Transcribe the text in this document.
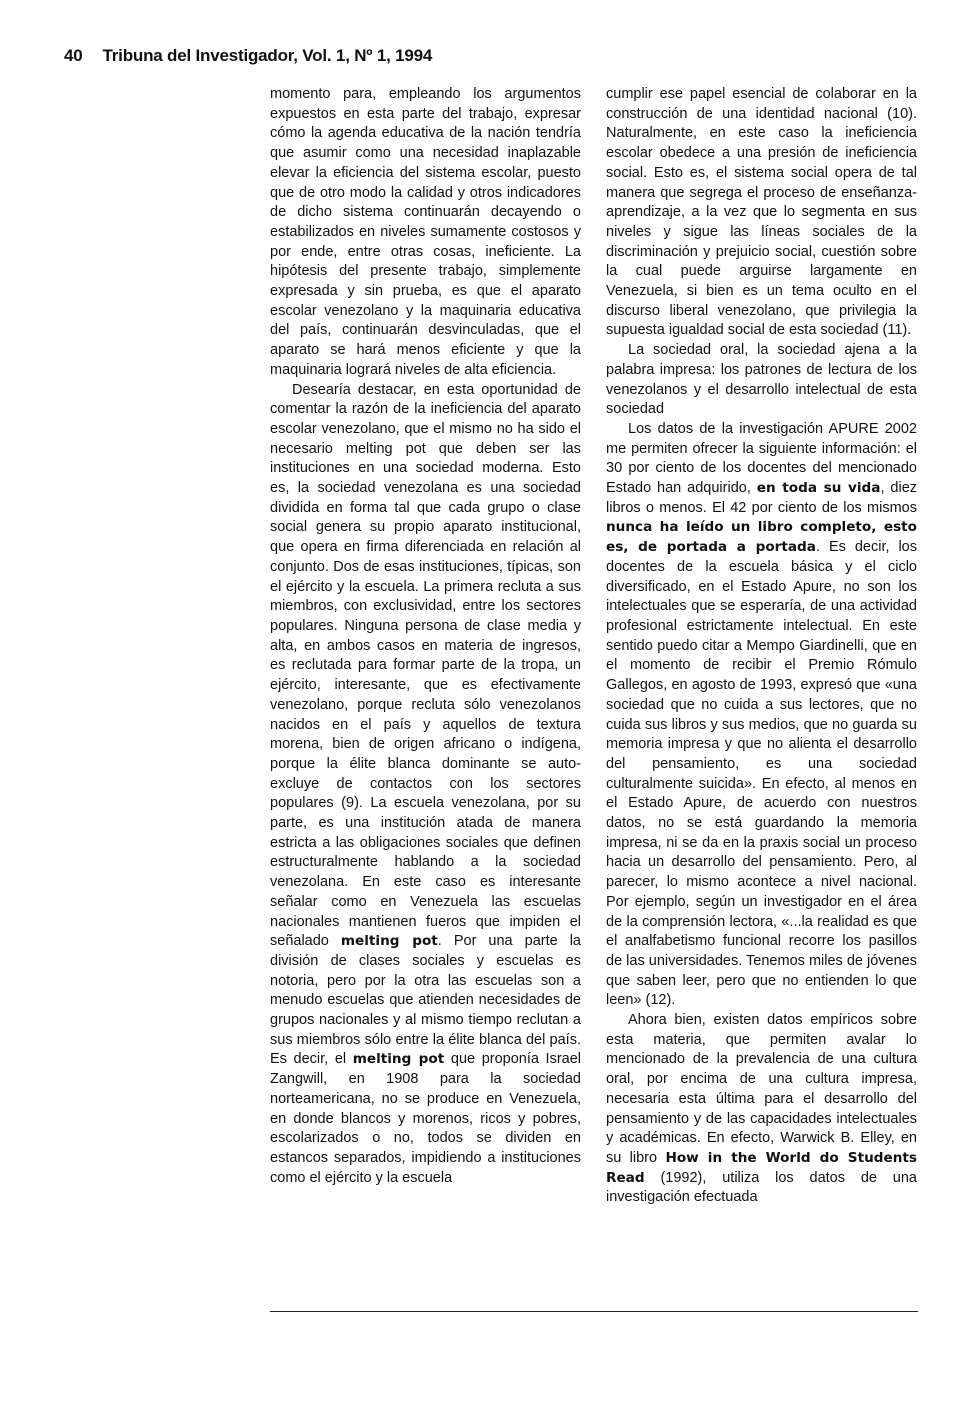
40 Tribuna del Investigador, Vol. 1, Nº 1, 1994

momento para, empleando los argumentos expuestos en esta parte del trabajo, expresar cómo la agenda educativa de la nación tendría que asumir como una necesidad inaplazable elevar la eficiencia del sistema escolar, puesto que de otro modo la calidad y otros indicadores de dicho sistema continuarán decayendo o estabilizados en niveles sumamente costosos y por ende, entre otras cosas, ineficiente. La hipótesis del presente trabajo, simplemente expresada y sin prueba, es que el aparato escolar venezolano y la maquinaria educativa del país, continuarán desvinculadas, que el aparato se hará menos eficiente y que la maquinaria logrará niveles de alta eficiencia.

Desearía destacar, en esta oportunidad de comentar la razón de la ineficiencia del aparato escolar venezolano, que el mismo no ha sido el necesario melting pot que deben ser las instituciones en una sociedad moderna. Esto es, la sociedad venezolana es una sociedad dividida en forma tal que cada grupo o clase social genera su propio aparato institucional, que opera en firma diferenciada en relación al conjunto. Dos de esas instituciones, típicas, son el ejército y la escuela. La primera recluta a sus miembros, con exclusividad, entre los sectores populares. Ninguna persona de clase media y alta, en ambos casos en materia de ingresos, es reclutada para formar parte de la tropa, un ejército, interesante, que es efectivamente venezolano, porque recluta sólo venezolanos nacidos en el país y aquellos de textura morena, bien de origen africano o indígena, porque la élite blanca dominante se auto-excluye de contactos con los sectores populares (9). La escuela venezolana, por su parte, es una institución atada de manera estricta a las obligaciones sociales que definen estructuralmente hablando a la sociedad venezolana. En este caso es interesante señalar como en Venezuela las escuelas nacionales mantienen fueros que impiden el señalado melting pot. Por una parte la división de clases sociales y escuelas es notoria, pero por la otra las escuelas son a menudo escuelas que atienden necesidades de grupos nacionales y al mismo tiempo reclutan a sus miembros sólo entre la élite blanca del país. Es decir, el melting pot que proponía Israel Zangwill, en 1908 para la sociedad norteamericana, no se produce en Venezuela, en donde blancos y morenos, ricos y pobres, escolarizados o no, todos se dividen en estancos separados, impidiendo a instituciones como el ejército y la escuela

cumplir ese papel esencial de colaborar en la construcción de una identidad nacional (10). Naturalmente, en este caso la ineficiencia escolar obedece a una presión de ineficiencia social. Esto es, el sistema social opera de tal manera que segrega el proceso de enseñanza-aprendizaje, a la vez que lo segmenta en sus niveles y sigue las líneas sociales de la discriminación y prejuicio social, cuestión sobre la cual puede arguirse largamente en Venezuela, si bien es un tema oculto en el discurso liberal venezolano, que privilegia la supuesta igualdad social de esta sociedad (11).

La sociedad oral, la sociedad ajena a la palabra impresa: los patrones de lectura de los venezolanos y el desarrollo intelectual de esta sociedad

Los datos de la investigación APURE 2002 me permiten ofrecer la siguiente información: el 30 por ciento de los docentes del mencionado Estado han adquirido, en toda su vida, diez libros o menos. El 42 por ciento de los mismos nunca ha leído un libro completo, esto es, de portada a portada. Es decir, los docentes de la escuela básica y el ciclo diversificado, en el Estado Apure, no son los intelectuales que se esperaría, de una actividad profesional estrictamente intelectual. En este sentido puedo citar a Mempo Giardinelli, que en el momento de recibir el Premio Rómulo Gallegos, en agosto de 1993, expresó que «una sociedad que no cuida a sus lectores, que no cuida sus libros y sus medios, que no guarda su memoria impresa y que no alienta el desarrollo del pensamiento, es una sociedad culturalmente suicida». En efecto, al menos en el Estado Apure, de acuerdo con nuestros datos, no se está guardando la memoria impresa, ni se da en la praxis social un proceso hacia un desarrollo del pensamiento. Pero, al parecer, lo mismo acontece a nivel nacional. Por ejemplo, según un investigador en el área de la comprensión lectora, «...la realidad es que el analfabetismo funcional recorre los pasillos de las universidades. Tenemos miles de jóvenes que saben leer, pero que no entienden lo que leen» (12).

Ahora bien, existen datos empíricos sobre esta materia, que permiten avalar lo mencionado de la prevalencia de una cultura oral, por encima de una cultura impresa, necesaria esta última para el desarrollo del pensamiento y de las capacidades intelectuales y académicas. En efecto, Warwick B. Elley, en su libro How in the World do Students Read (1992), utiliza los datos de una investigación efectuada
